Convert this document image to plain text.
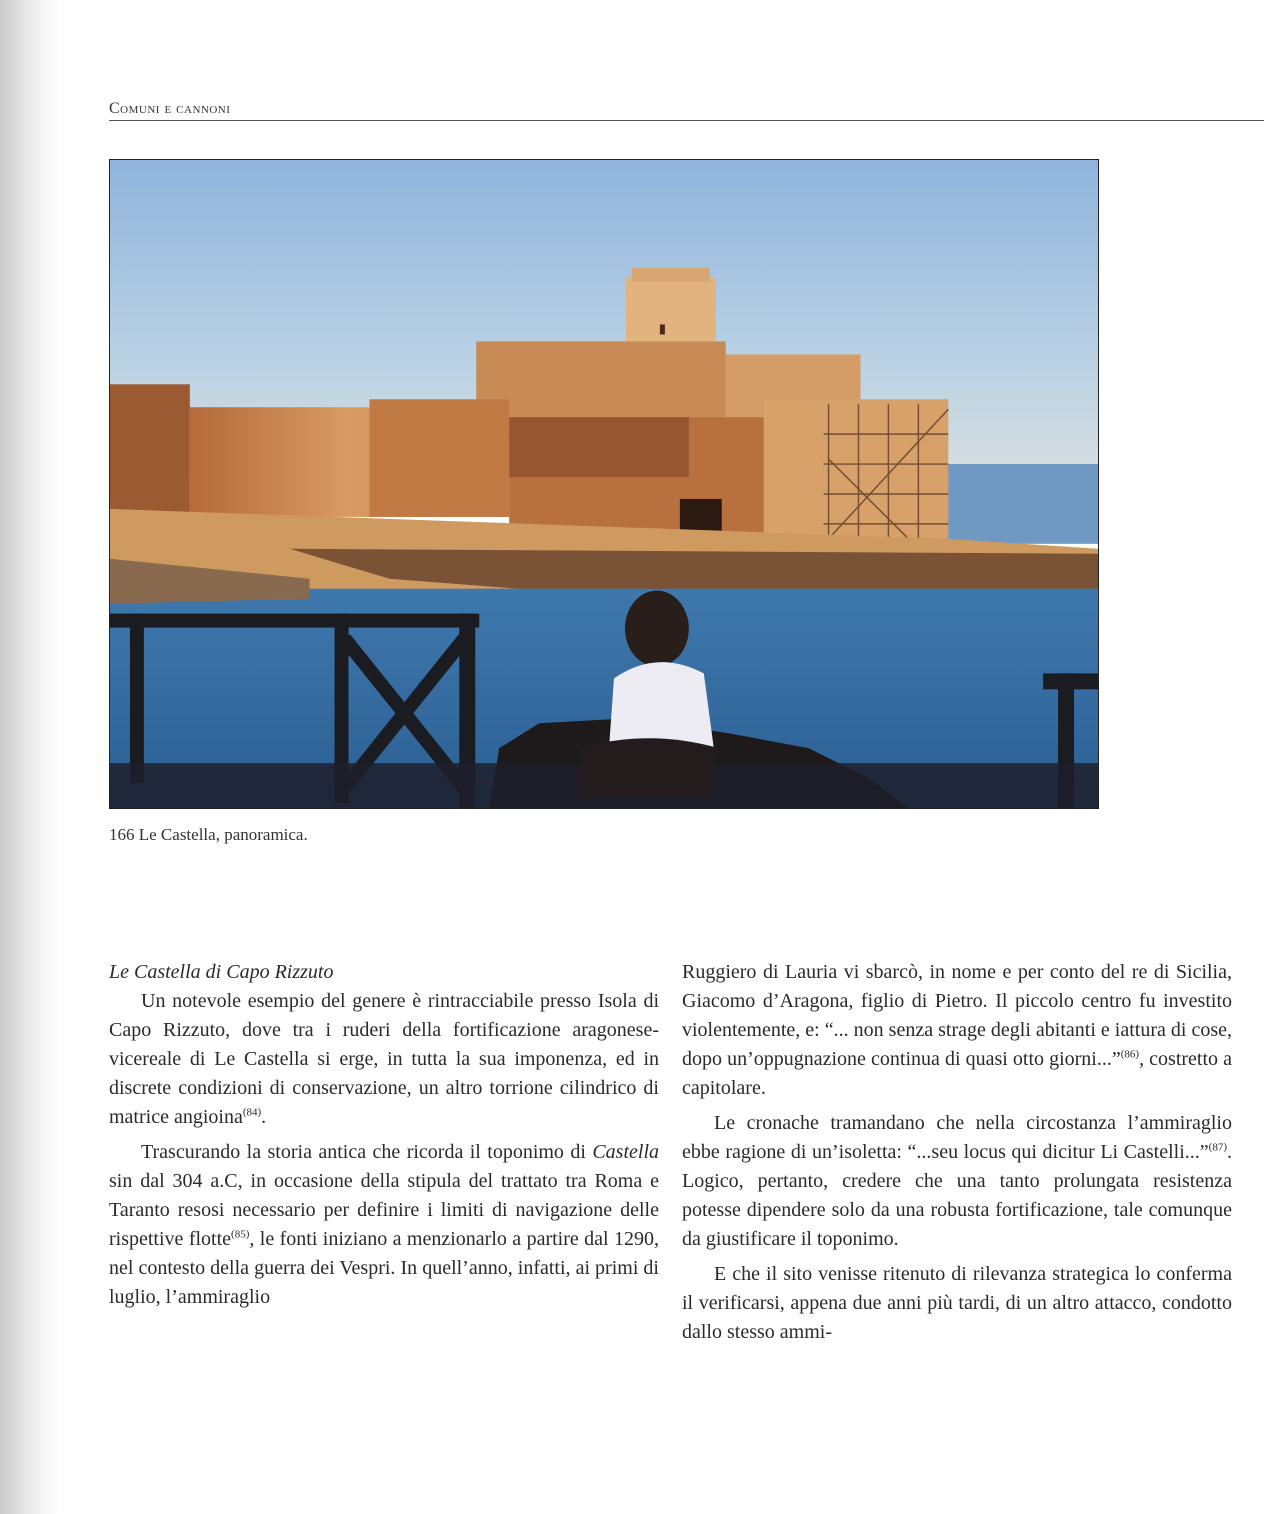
Comuni e cannoni
166 Le Castella, panoramica.

Le Castella di Capo Rizzuto

Un notevole esempio del genere è rintracciabile presso Isola di Capo Rizzuto, dove tra i ruderi della fortificazione aragonese-vicereale di Le Castella si erge, in tutta la sua imponenza, ed in discrete condizioni di conservazione, un altro torrione cilindrico di matrice angioina ( $^{84}$ ) .

Trascurando la storia antica che ricorda il toponimo di Castella sin dal 304 a.C, in occasione della stipula del trattato tra Roma e Taranto resosi necessario per definire i limiti di navigazione delle rispettive flotte ( $^{85}$ ) , le fonti iniziano a menzionarlo a partire dal 1290, nel contesto della guerra dei Vespri. In quell’anno, infatti, ai primi di luglio, l’ammiraglio

Ruggiero di Lauria vi sbarcò, in nome e per conto del re di Sicilia, Giacomo d’Aragona, figlio di Pietro. Il piccolo centro fu investito violentemente, e: “... non senza strage degli abitanti e iattura di cose, dopo un’oppugnazione continua di quasi otto giorni...” ( $^{86}$ ) , costretto a capitolare.

Le cronache tramandano che nella circostanza l’ammiraglio ebbe ragione di un’isoletta: “...seu locus qui dicitur Li Castelli...” ( $^{87}$ ) . Logico, pertanto, credere che una tanto prolungata resistenza potesse dipendere solo da una robusta fortificazione, tale comunque da giustificare il toponimo.

E che il sito venisse ritenuto di rilevanza strategica lo conferma il verificarsi, appena due anni più tardi, di un altro attacco, condotto dallo stesso ammi-
